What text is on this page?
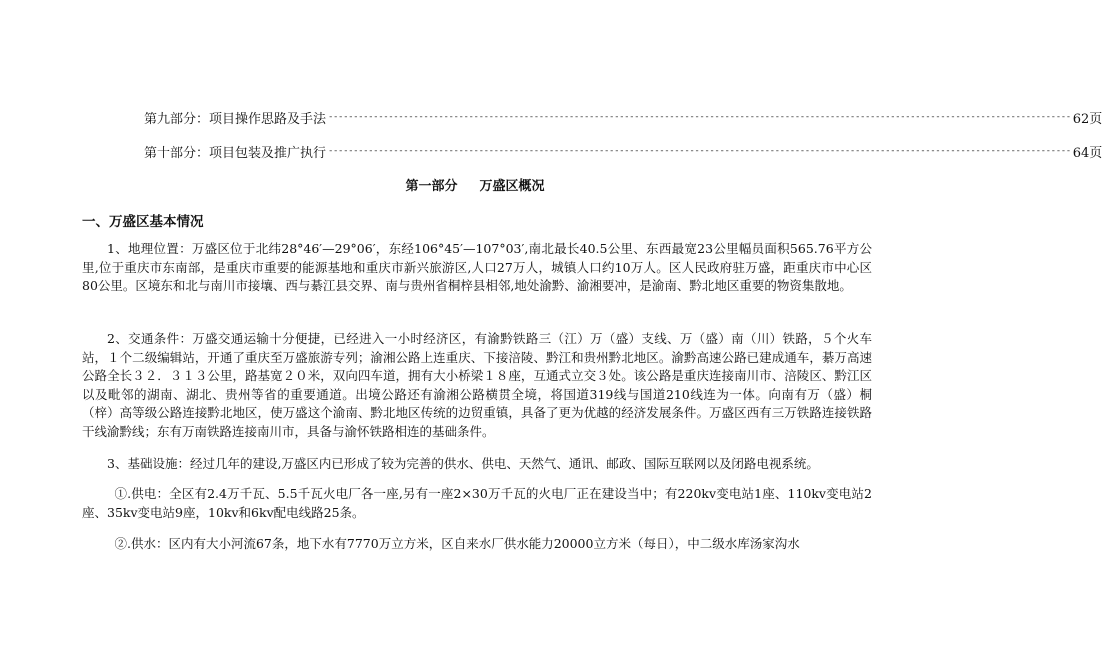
第九部分：项目操作思路及手法 ---------------------------------------------------------------------------------------------------------------------------------------------------- 62页
第十部分：项目包装及推广执行 ---------------------------------------------------------------------------------------------------------------------------------------------------- 64页
第一部分 万盛区概况
一、万盛区基本情况

1、地理位置：万盛区位于北纬28°46′—29°06′，东经106°45′—107°03′,南北最长40.5公里、东西最宽23公里幅员面积565.76平方公里,位于重庆市东南部，是重庆市重要的能源基地和重庆市新兴旅游区,人口27万人，城镇人口约10万人。区人民政府驻万盛，距重庆市中心区80公里。区境东和北与南川市接壤、西与綦江县交界、南与贵州省桐梓县相邻,地处渝黔、渝湘要冲，是渝南、黔北地区重要的物资集散地。

2、交通条件：万盛交通运输十分便捷，已经进入一小时经济区，有渝黔铁路三（江）万（盛）支线、万（盛）南（川）铁路，５个火车站，１个二级编辑站，开通了重庆至万盛旅游专列；渝湘公路上连重庆、下接涪陵、黔江和贵州黔北地区。渝黔高速公路已建成通车，綦万高速公路全长３２．３１３公里，路基宽２０米，双向四车道，拥有大小桥梁１８座，互通式立交３处。该公路是重庆连接南川市、涪陵区、黔江区以及毗邻的湖南、湖北、贵州等省的重要通道。出境公路还有渝湘公路横贯全境，将国道319线与国道210线连为一体。向南有万（盛）桐（梓）高等级公路连接黔北地区，使万盛这个渝南、黔北地区传统的边贸重镇，具备了更为优越的经济发展条件。万盛区西有三万铁路连接铁路干线渝黔线；东有万南铁路连接南川市，具备与渝怀铁路相连的基础条件。

3、基础设施：经过几年的建设,万盛区内已形成了较为完善的供水、供电、天然气、通讯、邮政、国际互联网以及闭路电视系统。

①.供电：全区有2.4万千瓦、5.5千瓦火电厂各一座,另有一座2×30万千瓦的火电厂正在建设当中；有220kv变电站1座、110kv变电站2座、35kv变电站9座，10kv和6kv配电线路25条。

②.供水：区内有大小河流67条，地下水有7770万立方米，区自来水厂供水能力20000立方米（每日），中二级水库汤家沟水
